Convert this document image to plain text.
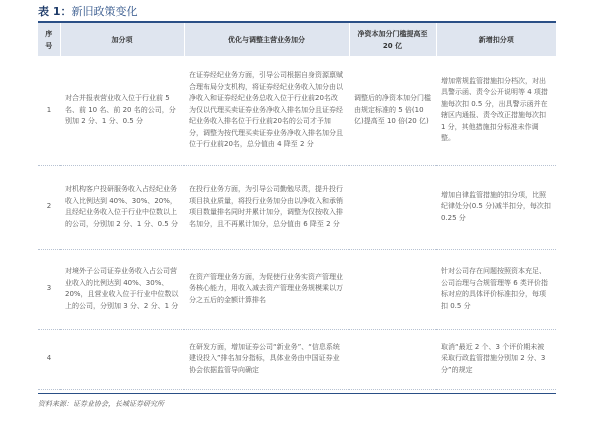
表 1：新旧政策变化
序号	加分项	优化与调整主营业务加分	净资本加分门槛提高至 20 亿	新增扣分项
1	对合并报表营业收入位于行业前 5 名、前 10 名、前 20 名的公司，分别加 2 分、1 分、0.5 分	在证券经纪业务方面，引导公司根据自身资源禀赋合理布局分支机构，将证券经纪业务收入加分由以净收入和证券经纪业务总收入位于行业前20名改为仅以代理买卖证券业务净收入排名加分且证券经纪业务收入排名位于行业前20名的公司才予加分，调整为按代理买卖证券业务净收入排名加分且位于行业前20名，总分值由 4 降至 2 分	调整后的净资本加分门槛由规定标准的 5 倍(10 亿)提高至 10 倍(20 亿)	增加常规监管措施扣分档次，对出具警示函、责令公开说明等 4 项措施每次扣 0.5 分，出具警示函并在辖区内通报、责令改正措施每次扣 1 分，其他措施扣分标准未作调整。
2	对机构客户投研服务收入占经纪业务收入比例达到 40%、30%、20%，且经纪业务收入位于行业中位数以上的公司，分别加 2 分、1 分、0.5 分	在投行业务方面，为引导公司勤勉尽责，提升投行项目执业质量，将投行业务加分由以净收入和承销项目数量排名同时并累计加分，调整为仅按收入排名加分，且不再累计加分，总分值由 6 降至 2 分		增加自律监管措施的扣分项，比照纪律处分(0.5 分)减半扣分，每次扣 0.25 分
3	对境外子公司证券业务收入占公司营业收入的比例达到 40%、30%、20%，且营业收入位于行业中位数以上的公司，分别加 3 分、2 分、1 分	在资产管理业务方面，为促使行业务实资产管理业务核心能力，用收入减去资产管理业务规模乘以万分之五后的金额计算排名		针对公司存在问题按照资本充足、公司治理与合规管理等 6 类评价指标对应的具体评价标准扣分，每项扣 0.5 分
4		在研发方面，增加证券公司“新业务”、“信息系统建设投入”排名加分指标，具体业务由中国证券业协会依据监管导向确定		取消“最近 2 个、3 个评价期未被采取行政监管措施分别加 2 分、3 分”的规定
资料来源：证券业协会，长城证券研究所
